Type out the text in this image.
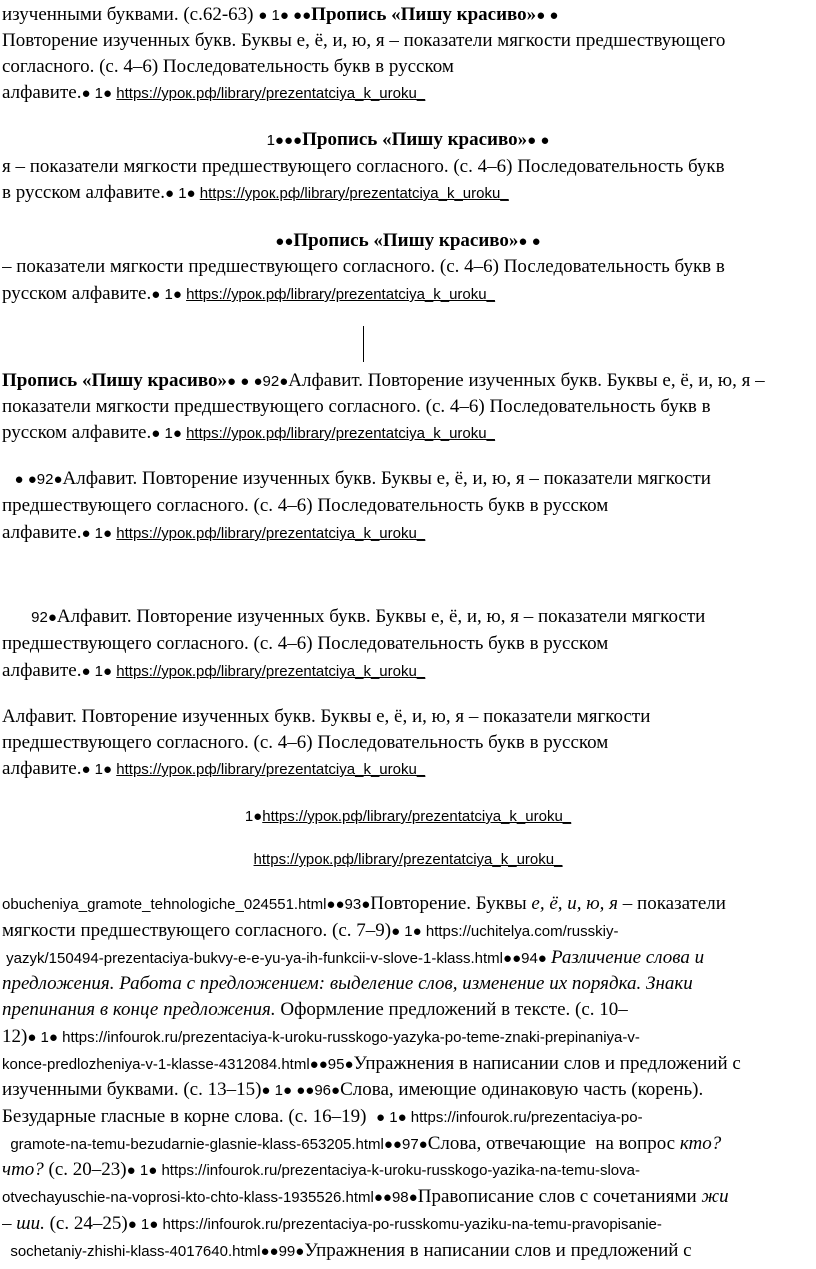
изученными буквами. (с.62-63) ● 1● ●●Пропись «Пишу красиво»● ●
Повторение изученных букв. Буквы е, ё, и, ю, я – показатели мягкости предшествующего
согласного. (с. 4–6) Последовательность букв в русском
алфавите.● 1● https://урок.рф/library/prezentatciya_k_uroku_
1●●●Пропись «Пишу красиво»● ●
я – показатели мягкости предшествующего согласного. (с. 4–6) Последовательность букв
в русском алфавите.● 1● https://урок.рф/library/prezentatciya_k_uroku_
●●Пропись «Пишу красиво»● ●
– показатели мягкости предшествующего согласного. (с. 4–6) Последовательность букв в
русском алфавите.● 1● https://урок.рф/library/prezentatciya_k_uroku_
Пропись «Пишу красиво»● ● ●92●Алфавит. Повторение изученных букв. Буквы е, ё, и, ю, я –
показатели мягкости предшествующего согласного. (с. 4–6) Последовательность букв в
русском алфавите.● 1● https://урок.рф/library/prezentatciya_k_uroku_
● ●92●Алфавит. Повторение изученных букв. Буквы е, ё, и, ю, я – показатели мягкости
предшествующего согласного. (с. 4–6) Последовательность букв в русском
алфавите.● 1● https://урок.рф/library/prezentatciya_k_uroku_
92●Алфавит. Повторение изученных букв. Буквы е, ё, и, ю, я – показатели мягкости
предшествующего согласного. (с. 4–6) Последовательность букв в русском
алфавите.● 1● https://урок.рф/library/prezentatciya_k_uroku_
Алфавит. Повторение изученных букв. Буквы е, ё, и, ю, я – показатели мягкости
предшествующего согласного. (с. 4–6) Последовательность букв в русском
алфавите.● 1● https://урок.рф/library/prezentatciya_k_uroku_
1●https://урок.рф/library/prezentatciya_k_uroku_
https://урок.рф/library/prezentatciya_k_uroku_
obucheniya_gramote_tehnologiche_024551.html●●93●Повторение. Буквы е, ё, и, ю, я – показатели
мягкости предшествующего согласного. (с. 7–9)● 1● https://uchitelya.com/russkiy-
yazyk/150494-prezentaciya-bukvy-e-e-yu-ya-ih-funkcii-v-slove-1-klass.html●●94● Различение слова и
предложения. Работа с предложением: выделение слов, изменение их порядка. Знаки
препинания в конце предложения. Оформление предложений в тексте. (с. 10–
12)● 1● https://infourok.ru/prezentaciya-k-uroku-russkogo-yazyka-po-teme-znaki-prepinaniya-v-
konce-predlozheniya-v-1-klasse-4312084.html●●95●Упражнения в написании слов и предложений с
изученными буквами. (с. 13–15)● 1● ●●96●Слова, имеющие одинаковую часть (корень).
Безударные гласные в корне слова. (с. 16–19)  ● 1● https://infourok.ru/prezentaciya-po-
gramote-na-temu-bezudarnie-glasnie-klass-653205.html●●97●Слова, отвечающие  на вопрос кто?
что? (с. 20–23)● 1● https://infourok.ru/prezentaciya-k-uroku-russkogo-yazika-na-temu-slova-
otvechayuschie-na-voprosi-kto-chto-klass-1935526.html●●98●Правописание слов с сочетаниями жи
– ши. (с. 24–25)● 1● https://infourok.ru/prezentaciya-po-russkomu-yaziku-na-temu-pravopisanie-
sochetaniy-zhishi-klass-4017640.html●●99●Упражнения в написании слов и предложений с
